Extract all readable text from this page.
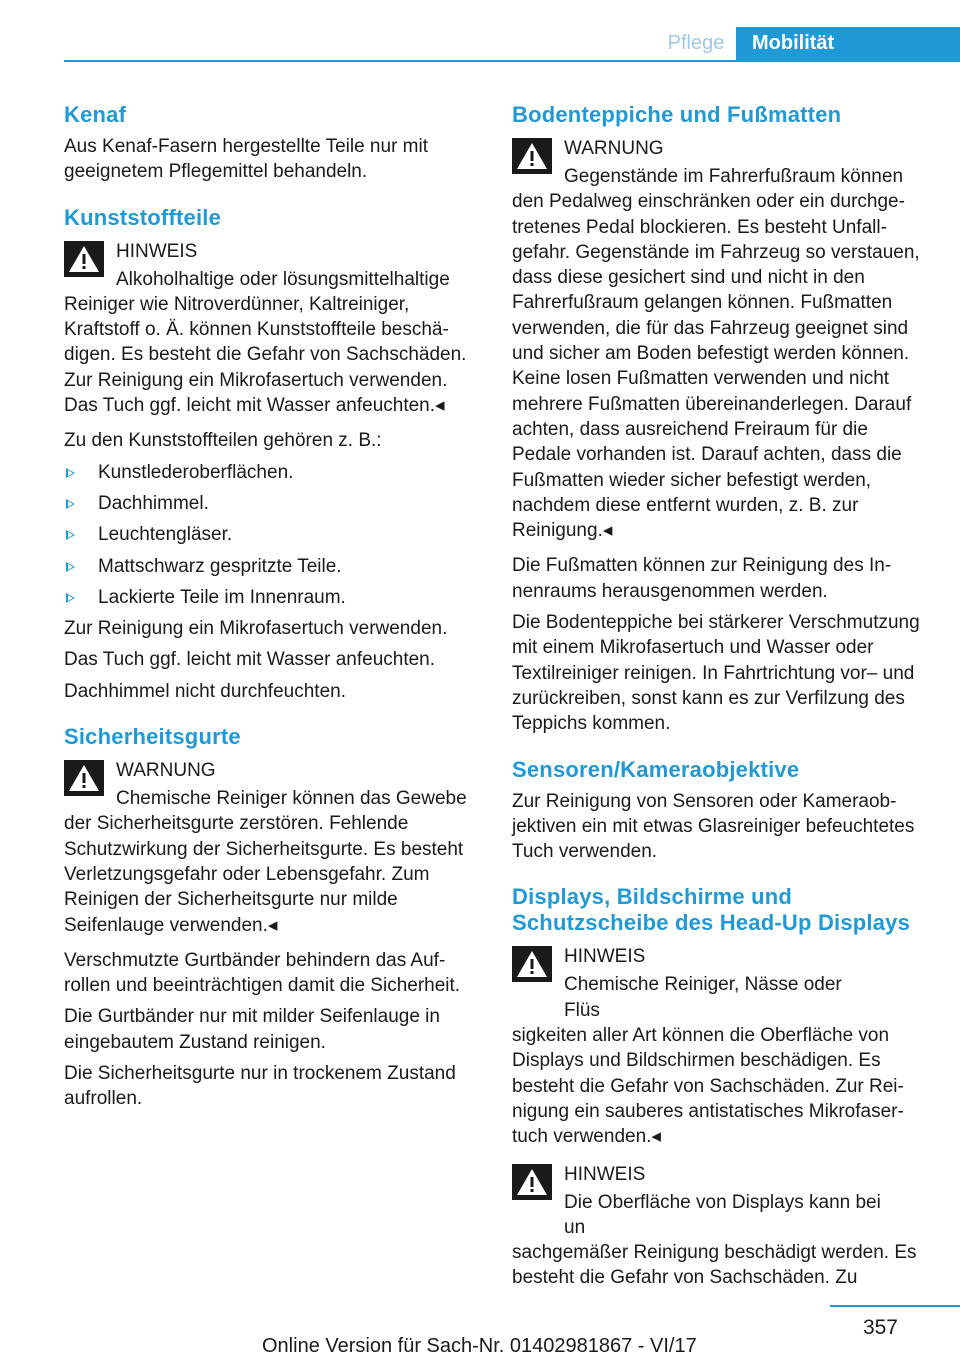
Pflege	Mobilität
Kenaf

Aus Kenaf-Fasern hergestellte Teile nur mit geeignetem Pflegemittel behandeln.

Kunststoffteile
HINWEIS
Alkoholhaltige oder lösungsmittelhaltige
Reiniger wie Nitroverdünner, Kaltreiniger, Kraftstoff o. Ä. können Kunststoffteile beschädigen. Es besteht die Gefahr von Sachschäden. Zur Reinigung ein Mikrofasertuch verwenden. Das Tuch ggf. leicht mit Wasser anfeuchten.◂

Zu den Kunststoffteilen gehören z. B.:

Kunstlederoberflächen.
Dachhimmel.
Leuchtengläser.
Mattschwarz gespritzte Teile.
Lackierte Teile im Innenraum.

Zur Reinigung ein Mikrofasertuch verwenden.

Das Tuch ggf. leicht mit Wasser anfeuchten.

Dachhimmel nicht durchfeuchten.

Sicherheitsgurte
WARNUNG
Chemische Reiniger können das Gewebe
der Sicherheitsgurte zerstören. Fehlende Schutzwirkung der Sicherheitsgurte. Es besteht Verletzungsgefahr oder Lebensgefahr. Zum Reinigen der Sicherheitsgurte nur milde Seifenlauge verwenden.◂

Verschmutzte Gurtbänder behindern das Aufrollen und beeinträchtigen damit die Sicherheit.

Die Gurtbänder nur mit milder Seifenlauge in eingebautem Zustand reinigen.

Die Sicherheitsgurte nur in trockenem Zustand aufrollen.

Bodenteppiche und Fußmatten
WARNUNG
Gegenstände im Fahrerfußraum können
den Pedalweg einschränken oder ein durchgetretenes Pedal blockieren. Es besteht Unfallgefahr. Gegenstände im Fahrzeug so verstauen, dass diese gesichert sind und nicht in den Fahrerfußraum gelangen können. Fußmatten verwenden, die für das Fahrzeug geeignet sind und sicher am Boden befestigt werden können. Keine losen Fußmatten verwenden und nicht mehrere Fußmatten übereinanderlegen. Darauf achten, dass ausreichend Freiraum für die Pedale vorhanden ist. Darauf achten, dass die Fußmatten wieder sicher befestigt werden, nachdem diese entfernt wurden, z. B. zur Reinigung.◂

Die Fußmatten können zur Reinigung des Innenraums herausgenommen werden.

Die Bodenteppiche bei stärkerer Verschmutzung mit einem Mikrofasertuch und Wasser oder Textilreiniger reinigen. In Fahrtrichtung vor– und zurückreiben, sonst kann es zur Verfilzung des Teppichs kommen.

Sensoren/Kameraobjektive

Zur Reinigung von Sensoren oder Kameraobjektiven ein mit etwas Glasreiniger befeuchtetes Tuch verwenden.

Displays, Bildschirme und Schutzscheibe des Head-Up Displays
HINWEIS
Chemische Reiniger, Nässe oder Flüs
sigkeiten aller Art können die Oberfläche von Displays und Bildschirmen beschädigen. Es besteht die Gefahr von Sachschäden. Zur Reinigung ein sauberes antistatisches Mikrofasertuch verwenden.◂
HINWEIS
Die Oberfläche von Displays kann bei un
sachgemäßer Reinigung beschädigt werden. Es besteht die Gefahr von Sachschäden. Zu
357
Online Version für Sach-Nr. 01402981867 - VI/17
